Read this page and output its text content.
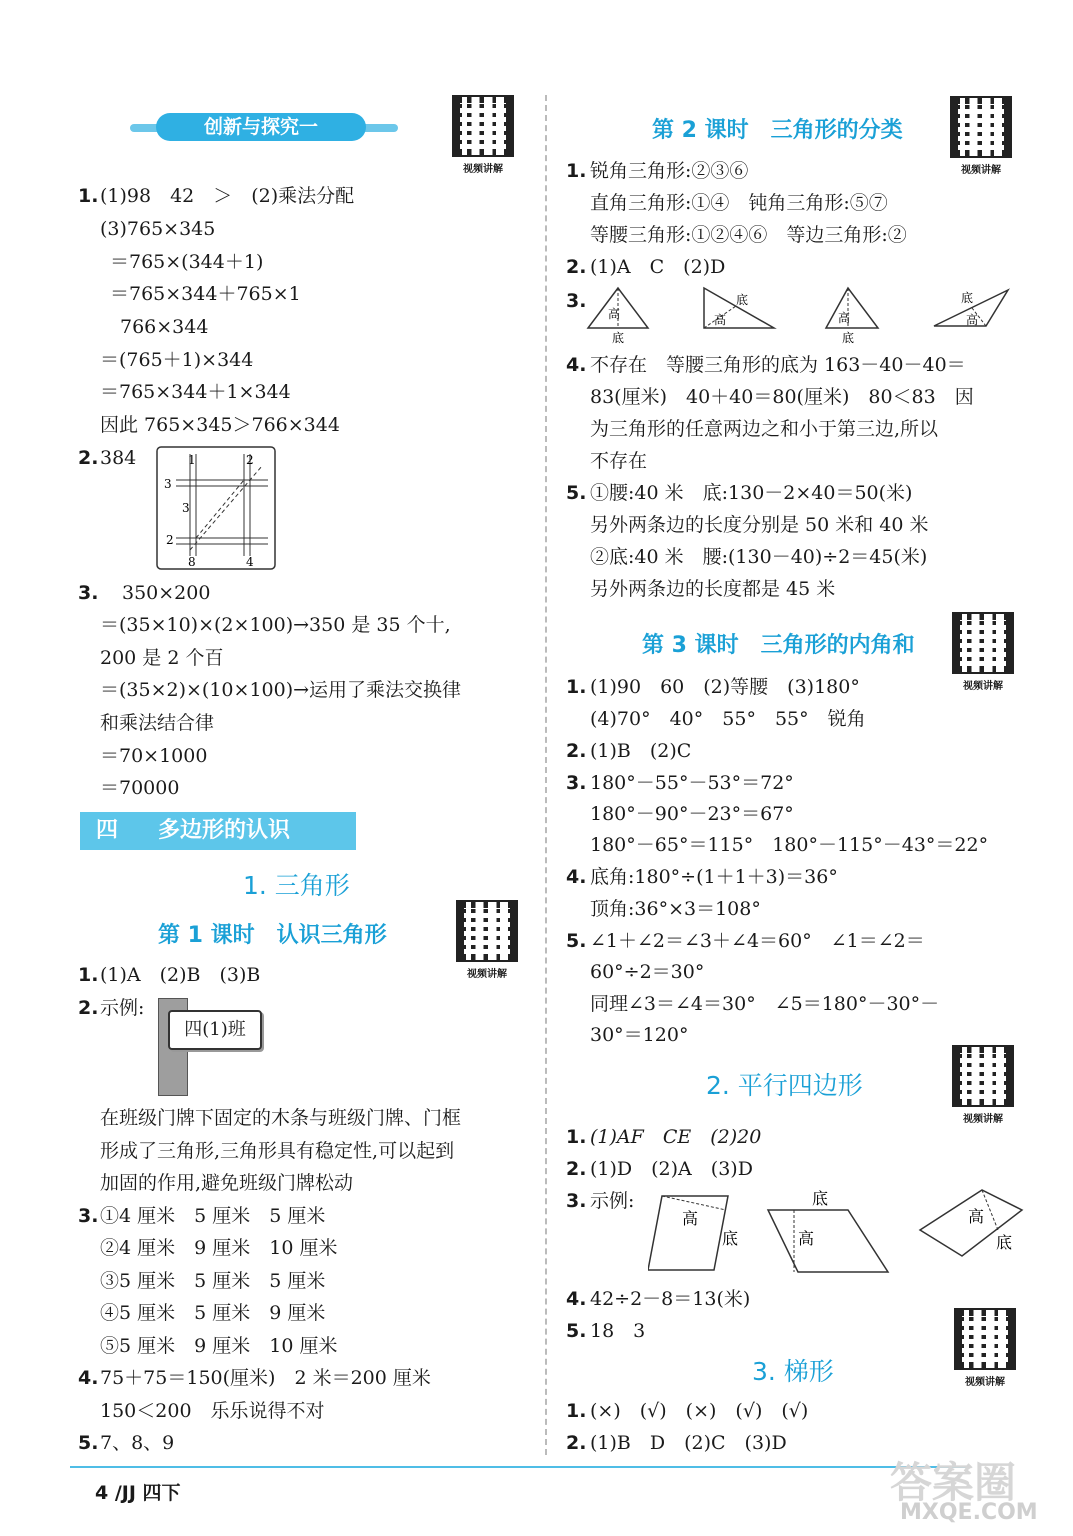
创新与探究一
视频讲解
1. (1)98　42　＞　(2)乘法分配
(3)765×345
＝765×(344＋1)
＝765×344＋765×1
766×344
＝(765＋1)×344
＝765×344＋1×344
因此 765×345＞766×344
2. 384	1	2
3
3
2
8	4
3. 350×200
＝(35×10)×(2×100)→350 是 35 个十,
200 是 2 个百
＝(35×2)×(10×100)→运用了乘法交换律
和乘法结合律
＝70×1000
＝70000
四 多边形的认识
1. 三角形
第 1 课时　认识三角形
视频讲解
1. (1)A　(2)B　(3)B
2. 示例:
四(1)班
在班级门牌下固定的木条与班级门牌、门框
形成了三角形,三角形具有稳定性,可以起到
加固的作用,避免班级门牌松动
3. ①4 厘米　5 厘米　5 厘米
②4 厘米　9 厘米　10 厘米
③5 厘米　5 厘米　5 厘米
④5 厘米　5 厘米　9 厘米
⑤5 厘米　9 厘米　10 厘米
4. 75＋75＝150(厘米)　2 米＝200 厘米
150＜200　乐乐说得不对
5. 7、8、9
第 2 课时　三角形的分类
视频讲解
1. 锐角三角形:②③⑥
直角三角形:①④　钝角三角形:⑤⑦
等腰三角形:①②④⑥　等边三角形:②
2. (1)A　C　(2)D
3.
高
底
底
高	高
底
底
高
4. 不存在　等腰三角形的底为 163－40－40＝
83(厘米)　40＋40＝80(厘米)　80＜83　因
为三角形的任意两边之和小于第三边,所以
不存在
5. ①腰:40 米　底:130－2×40＝50(米)
另外两条边的长度分别是 50 米和 40 米
②底:40 米　腰:(130－40)÷2＝45(米)
另外两条边的长度都是 45 米
第 3 课时　三角形的内角和
视频讲解
1. (1)90　60　(2)等腰　(3)180°
(4)70°　40°　55°　55°　锐角
2. (1)B　(2)C
3. 180°－55°－53°＝72°
180°－90°－23°＝67°
180°－65°＝115°　180°－115°－43°＝22°
4. 底角:180°÷(1＋1＋3)＝36°
顶角:36°×3＝108°
5. ∠1＋∠2＝∠3＋∠4＝60°　∠1＝∠2＝
60°÷2＝30°
同理∠3＝∠4＝30°　∠5＝180°－30°－
30°＝120°
2. 平行四边形
视频讲解
1. (1)AF　CE　(2)20
2. (1)D　(2)A　(3)D
3. 示例:
高
底
底
高
高
底
4. 42÷2－8＝13(米)
5. 18　3
3. 梯形	视频讲解
1. (×)　(√)　(×)　(√)　(√)
2. (1)B　D　(2)C　(3)D
4 /JJ 四下	答案圈
MXQE.COM
